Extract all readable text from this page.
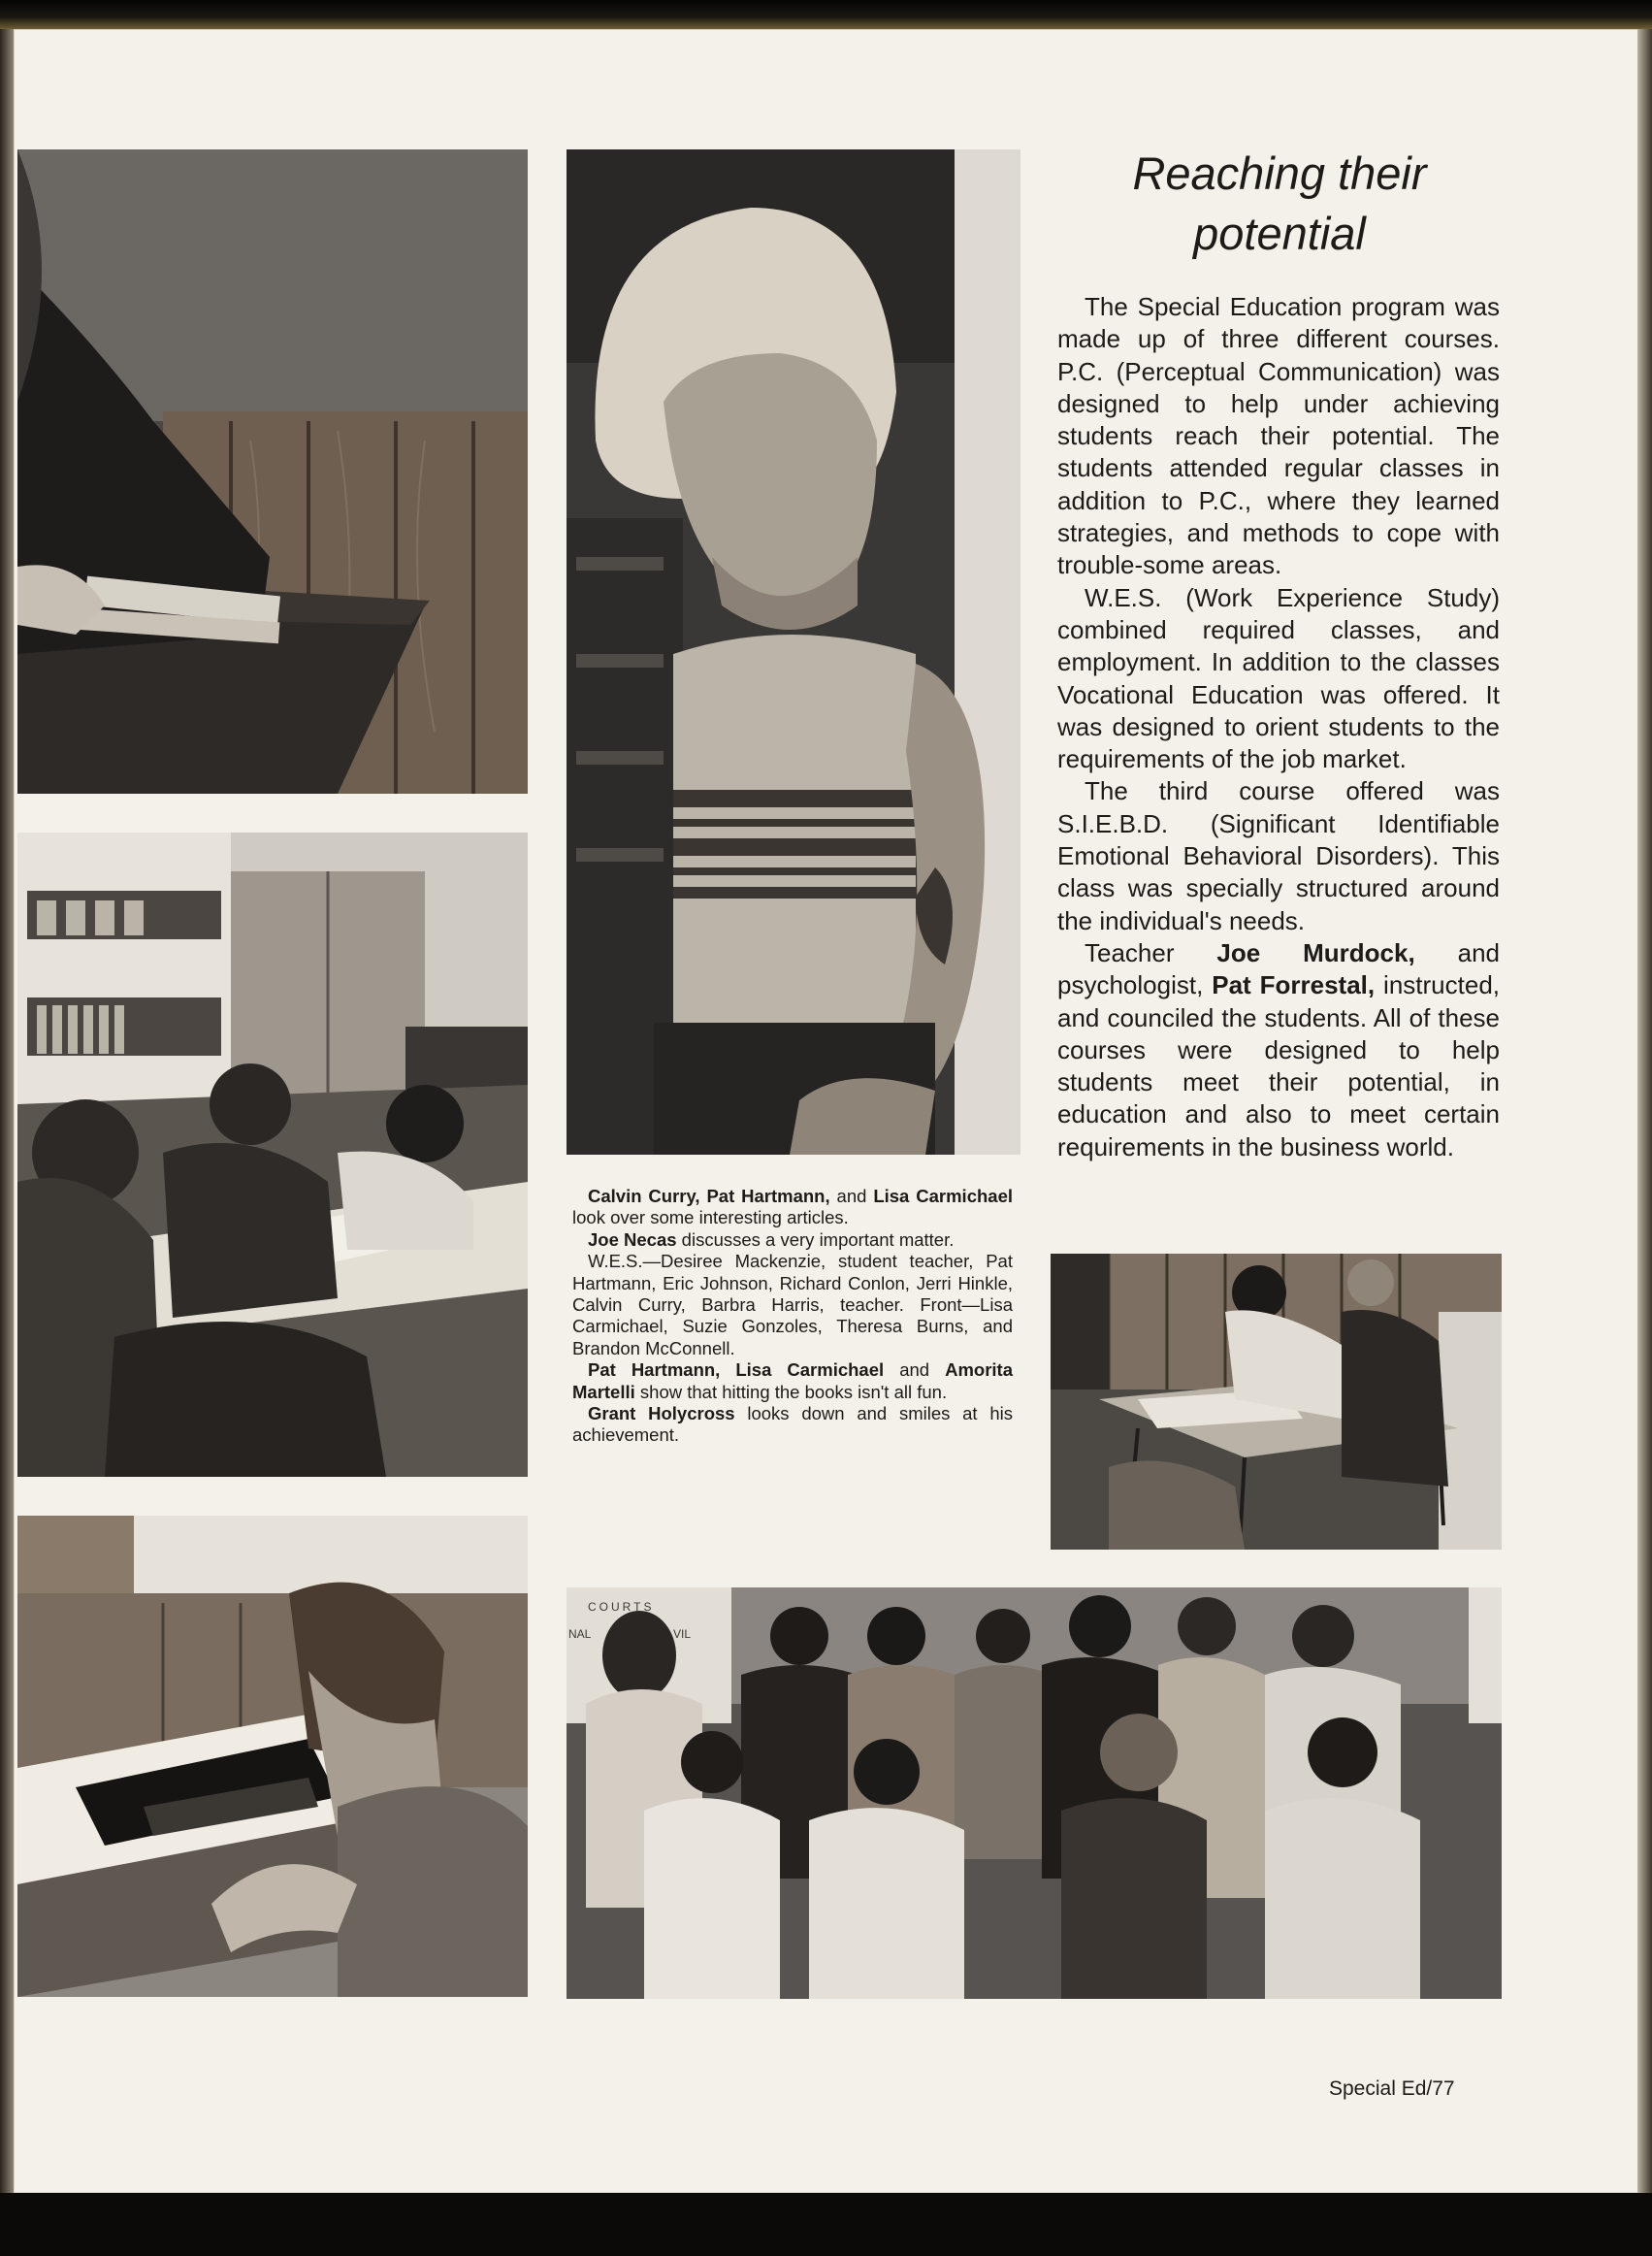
COURTS
NAL	VIL
Reaching their potential

The Special Education program was made up of three different courses. P.C. (Perceptual Communication) was designed to help under achieving students reach their potential. The students attended regular classes in addition to P.C., where they learned strategies, and methods to cope with trouble-some areas.

W.E.S. (Work Experience Study) combined required classes, and employment. In addition to the classes Vocational Education was offered. It was designed to orient students to the requirements of the job market.

The third course offered was S.I.E.B.D. (Significant Identifiable Emotional Behavioral Disorders). This class was specially structured around the individual's needs.

Teacher Joe Murdock, and psychologist, Pat Forrestal, instructed, and counciled the students. All of these courses were designed to help students meet their potential, in education and also to meet certain requirements in the business world.

Calvin Curry, Pat Hartmann, and Lisa Carmichael look over some interesting articles.

Joe Necas discusses a very important matter.

W.E.S.—Desiree Mackenzie, student teacher, Pat Hartmann, Eric Johnson, Richard Conlon, Jerri Hinkle, Calvin Curry, Barbra Harris, teacher. Front—Lisa Carmichael, Suzie Gonzoles, Theresa Burns, and Brandon McConnell.

Pat Hartmann, Lisa Carmichael and Amorita Martelli show that hitting the books isn't all fun.

Grant Holycross looks down and smiles at his achievement.

Special Ed/77
